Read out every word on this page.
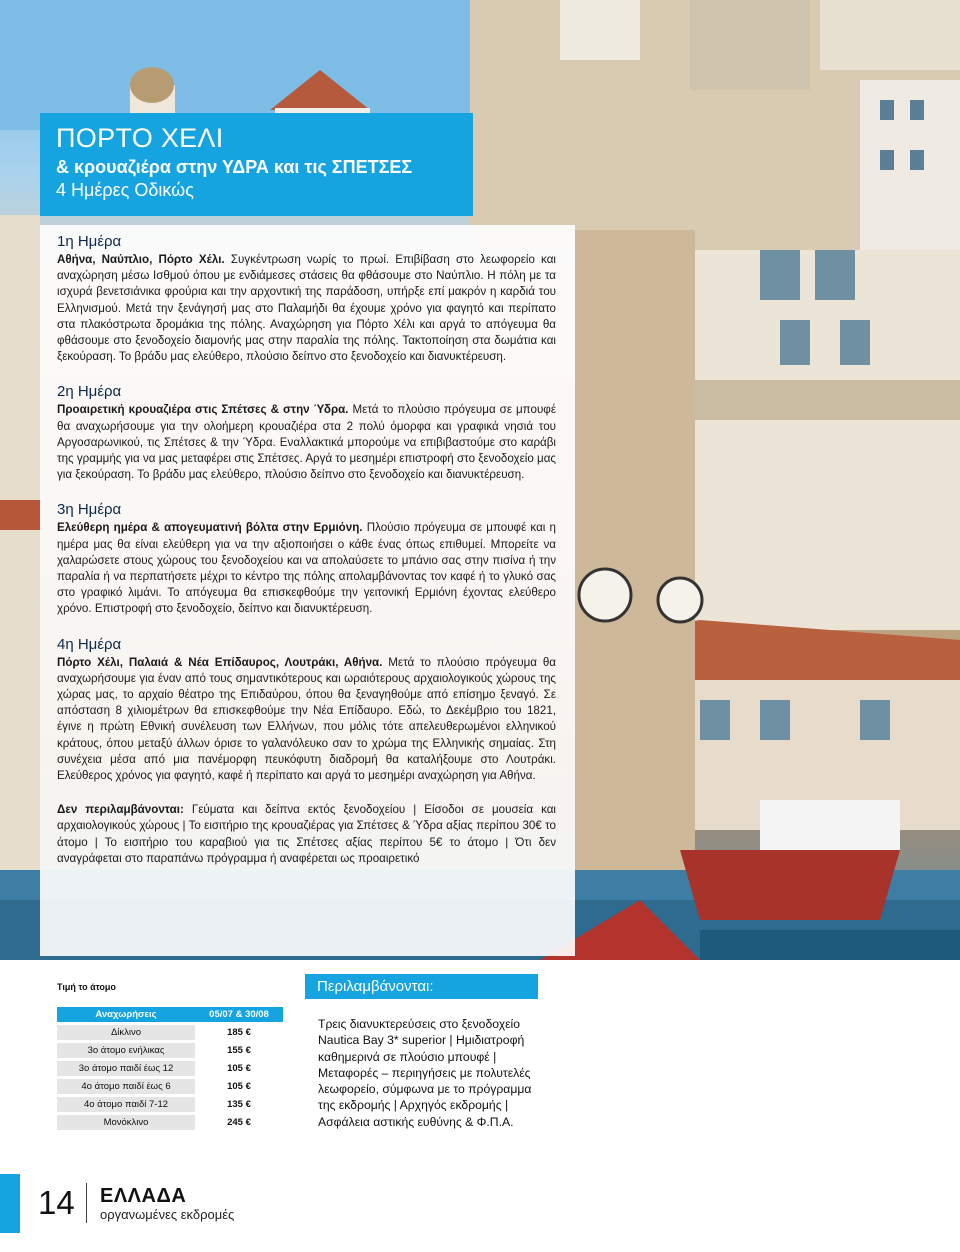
ΠΟΡΤΟ ΧΕΛΙ
& κρουαζιέρα στην ΥΔΡΑ και τις ΣΠΕΤΣΕΣ
4 Ημέρες Οδικώς
1η Ημέρα

Αθήνα, Ναύπλιο, Πόρτο Χέλι. Συγκέντρωση νωρίς το πρωί. Επιβίβαση στο λεωφορείο και αναχώρηση μέσω Ισθμού όπου με ενδιάμεσες στάσεις θα φθάσουμε στο Ναύπλιο. Η πόλη με τα ισχυρά βενετσιάνικα φρούρια και την αρχοντική της παράδοση, υπήρξε επί μακρόν η καρδιά του Ελληνισμού. Μετά την ξενάγησή μας στο Παλαμήδι θα έχουμε χρόνο για φαγητό και περίπατο στα πλακόστρωτα δρομάκια της πόλης. Αναχώρηση για Πόρτο Χέλι και αργά το απόγευμα θα φθάσουμε στο ξενοδοχείο διαμονής μας στην παραλία της πόλης. Τακτοποίηση στα δωμάτια και ξεκούραση. Το βράδυ μας ελεύθερο, πλούσιο δείπνο στο ξενοδοχείο και διανυκτέρευση.

2η Ημέρα

Προαιρετική κρουαζιέρα στις Σπέτσες & στην Ύδρα. Μετά το πλούσιο πρόγευμα σε μπουφέ θα αναχωρήσουμε για την ολοήμερη κρουαζιέρα στα 2 πολύ όμορφα και γραφικά νησιά του Αργοσαρωνικού, τις Σπέτσες & την Ύδρα. Εναλλακτικά μπορούμε να επιβιβαστούμε στο καράβι της γραμμής για να μας μεταφέρει στις Σπέτσες. Αργά το μεσημέρι επιστροφή στο ξενοδοχείο μας για ξεκούραση. Το βράδυ μας ελεύθερο, πλούσιο δείπνο στο ξενοδοχείο και διανυκτέρευση.

3η Ημέρα

Ελεύθερη ημέρα & απογευματινή βόλτα στην Ερμιόνη. Πλούσιο πρόγευμα σε μπουφέ και η ημέρα μας θα είναι ελεύθερη για να την αξιοποιήσει ο κάθε ένας όπως επιθυμεί. Μπορείτε να χαλαρώσετε στους χώρους του ξενοδοχείου και να απολαύσετε το μπάνιο σας στην πισίνα ή την παραλία ή να περπατήσετε μέχρι το κέντρο της πόλης απολαμβάνοντας τον καφέ ή το γλυκό σας στο γραφικό λιμάνι. Το απόγευμα θα επισκεφθούμε την γειτονική Ερμιόνη έχοντας ελεύθερο χρόνο. Επιστροφή στο ξενοδοχείο, δείπνο και διανυκτέρευση.

4η Ημέρα

Πόρτο Χέλι, Παλαιά & Νέα Επίδαυρος, Λουτράκι, Αθήνα. Μετά το πλούσιο πρόγευμα θα αναχωρήσουμε για έναν από τους σημαντικότερους και ωραιότερους αρχαιολογικούς χώρους της χώρας μας, το αρχαίο θέατρο της Επιδαύρου, όπου θα ξεναγηθούμε από επίσημο ξεναγό. Σε απόσταση 8 χιλιομέτρων θα επισκεφθούμε την Νέα Επίδαυρο. Εδώ, το Δεκέμβριο του 1821, έγινε η πρώτη Εθνική συνέλευση των Ελλήνων, που μόλις τότε απελευθερωμένοι ελληνικού κράτους, όπου μεταξύ άλλων όρισε το γαλανόλευκο σαν το χρώμα της Ελληνικής σημαίας. Στη συνέχεια μέσα από μια πανέμορφη πευκόφυτη διαδρομή θα καταλήξουμε στο Λουτράκι. Ελεύθερος χρόνος για φαγητό, καφέ ή περίπατο και αργά το μεσημέρι αναχώρηση για Αθήνα.

Δεν περιλαμβάνονται: Γεύματα και δείπνα εκτός ξενοδοχείου | Είσοδοι σε μουσεία και αρχαιολογικούς χώρους | Το εισιτήριο της κρουαζιέρας για Σπέτσες & Ύδρα αξίας περίπου 30€ το άτομο | Το εισιτήριο του καραβιού για τις Σπέτσες αξίας περίπου 5€ το άτομο | Ότι δεν αναγράφεται στο παραπάνω πρόγραμμα ή αναφέρεται ως προαιρετικό

Τιμή το άτομο
Αναχωρήσεις	05/07 & 30/08
Δίκλινο	185 €
3ο άτομο ενήλικας	155 €
3ο άτομο παιδί έως 12	105 €
4ο άτομο παιδί έως 6	105 €
4ο άτομο παιδί 7-12	135 €
Μονόκλινο	245 €
Περιλαμβάνονται:
Τρεις διανυκτερεύσεις στο ξενοδοχείο Nautica Bay 3* superior | Ημιδιατροφή καθημερινά σε πλούσιο μπουφέ | Μεταφορές – περιηγήσεις με πολυτελές λεωφορείο, σύμφωνα με το πρόγραμμα της εκδρομής | Αρχηγός εκδρομής | Ασφάλεια αστικής ευθύνης & Φ.Π.Α.
14 ΕΛΛΑΔΑ
οργανωμένες εκδρομές
